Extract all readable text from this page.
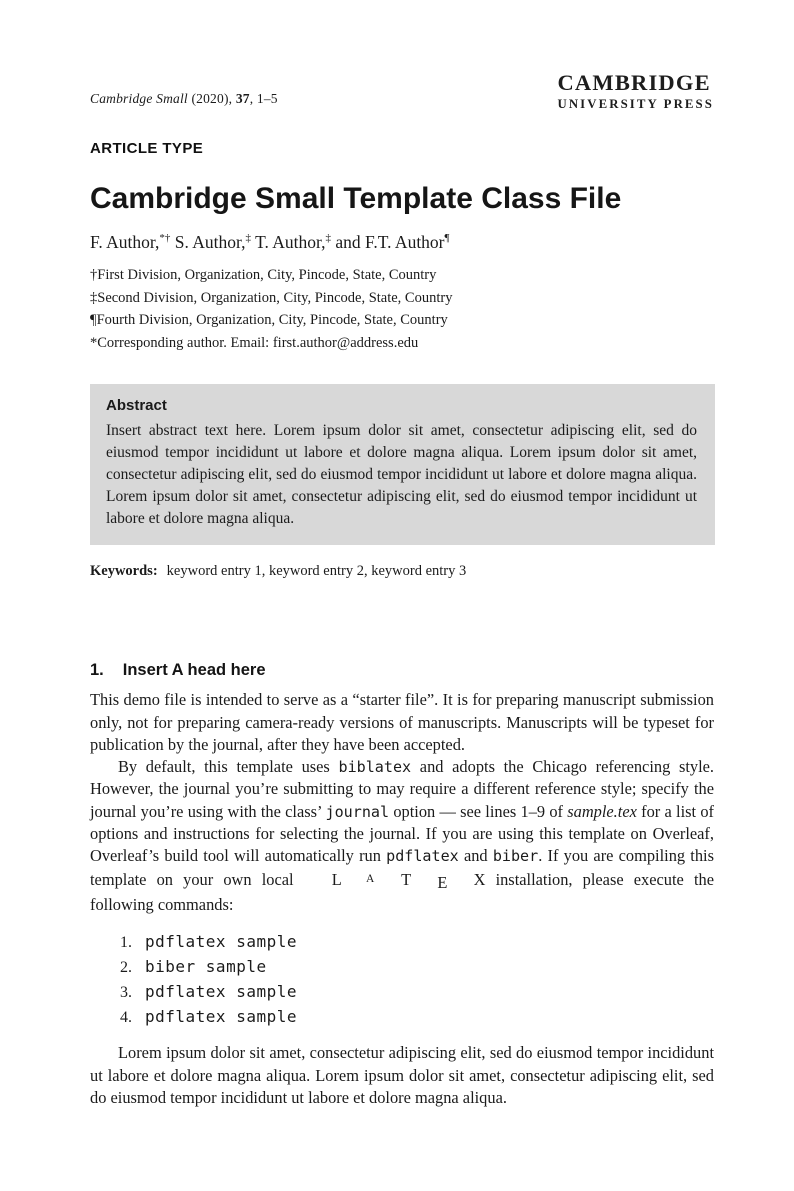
Cambridge Small (2020), 37, 1–5
CAMBRIDGE
UNIVERSITY PRESS
ARTICLE TYPE
Cambridge Small Template Class File
F. Author,*† S. Author,‡ T. Author,‡ and F.T. Author¶
†First Division, Organization, City, Pincode, State, Country
‡Second Division, Organization, City, Pincode, State, Country
¶Fourth Division, Organization, City, Pincode, State, Country
*Corresponding author. Email: first.author@address.edu
Abstract
Insert abstract text here. Lorem ipsum dolor sit amet, consectetur adipiscing elit, sed do eiusmod tempor incididunt ut labore et dolore magna aliqua. Lorem ipsum dolor sit amet, consectetur adipiscing elit, sed do eiusmod tempor incididunt ut labore et dolore magna aliqua. Lorem ipsum dolor sit amet, consectetur adipiscing elit, sed do eiusmod tempor incididunt ut labore et dolore magna aliqua.
Keywords: keyword entry 1, keyword entry 2, keyword entry 3
1. Insert A head here

This demo file is intended to serve as a “starter file”. It is for preparing manuscript submission only, not for preparing camera-ready versions of manuscripts. Manuscripts will be typeset for publication by the journal, after they have been accepted.

By default, this template uses biblatex and adopts the Chicago referencing style. However, the journal you’re submitting to may require a different reference style; specify the journal you’re using with the class’ journal option — see lines 1–9 of sample.tex for a list of options and instructions for selecting the journal. If you are using this template on Overleaf, Overleaf’s build tool will automatically run pdflatex and biber. If you are compiling this template on your own local L A T E X installation, please execute the following commands:

1. pdflatex sample
2. biber sample
3. pdflatex sample
4. pdflatex sample

Lorem ipsum dolor sit amet, consectetur adipiscing elit, sed do eiusmod tempor incididunt ut labore et dolore magna aliqua. Lorem ipsum dolor sit amet, consectetur adipiscing elit, sed do eiusmod tempor incididunt ut labore et dolore magna aliqua.
